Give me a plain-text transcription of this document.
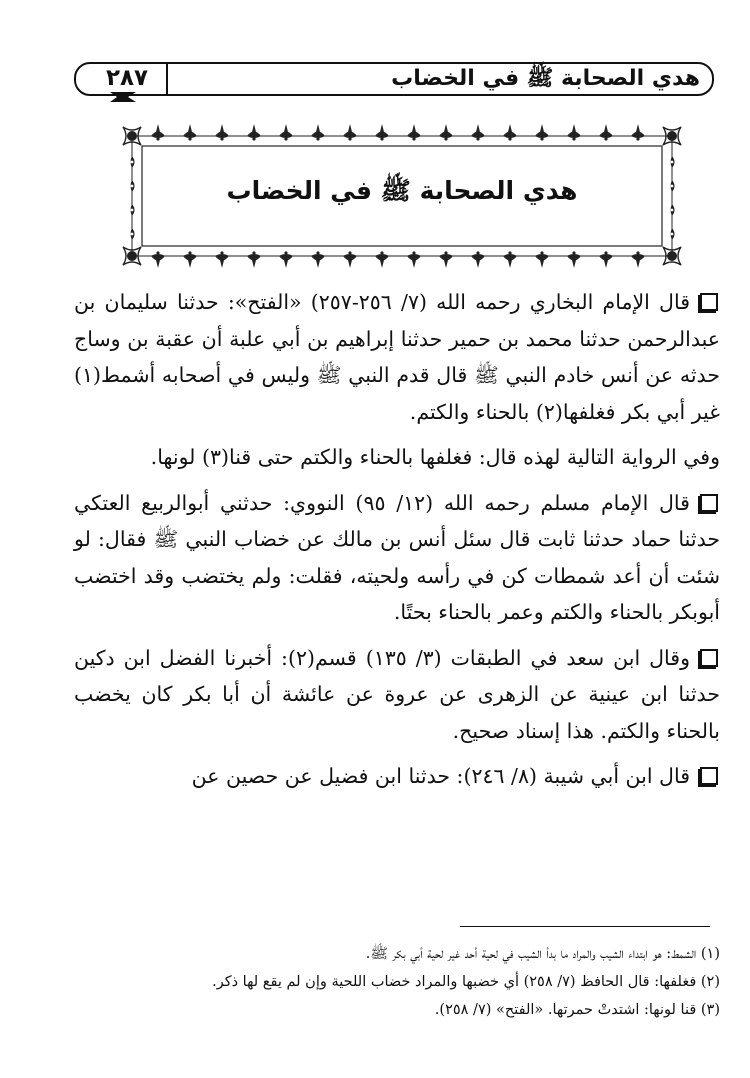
هدي الصحابة ﷺ في الخضاب
٢٨٧
هدي الصحابة ﷺ في الخضاب

قال الإمام البخاري رحمه الله (٧/ ٢٥٦-٢٥٧) «الفتح»: حدثنا سليمان بن عبدالرحمن حدثنا محمد بن حمير حدثنا إبراهيم بن أبي علبة أن عقبة بن وساج حدثه عن أنس خادم النبي ﷺ قال قدم النبي ﷺ وليس في أصحابه أشمط(١) غير أبي بكر فغلفها(٢) بالحناء والكتم.

وفي الرواية التالية لهذه قال: فغلفها بالحناء والكتم حتى قنا(٣) لونها.

قال الإمام مسلم رحمه الله (١٢/ ٩٥) النووي: حدثني أبوالربيع العتكي حدثنا حماد حدثنا ثابت قال سئل أنس بن مالك عن خضاب النبي ﷺ فقال: لو شئت أن أعد شمطات كن في رأسه ولحيته، فقلت: ولم يختضب وقد اختضب أبوبكر بالحناء والكتم وعمر بالحناء بحتًا.

وقال ابن سعد في الطبقات (٣/ ١٣٥) قسم(٢): أخبرنا الفضل ابن دكين حدثنا ابن عينية عن الزهرى عن عروة عن عائشة أن أبا بكر كان يخضب بالحناء والكتم. هذا إسناد صحيح.

قال ابن أبي شيبة (٨/ ٢٤٦): حدثنا ابن فضيل عن حصين عن

(١) الشمط: هو ابتداء الشيب والمراد ما بدأ الشيب في لحية أحد غير لحية أبي بكر ﷺ.

(٢) فغلفها: قال الحافظ (٧/ ٢٥٨) أي خضبها والمراد خضاب اللحية وإن لم يقع لها ذكر.

(٣) قنا لونها: اشتدتْ حمرتها. «الفتح» (٧/ ٢٥٨).
